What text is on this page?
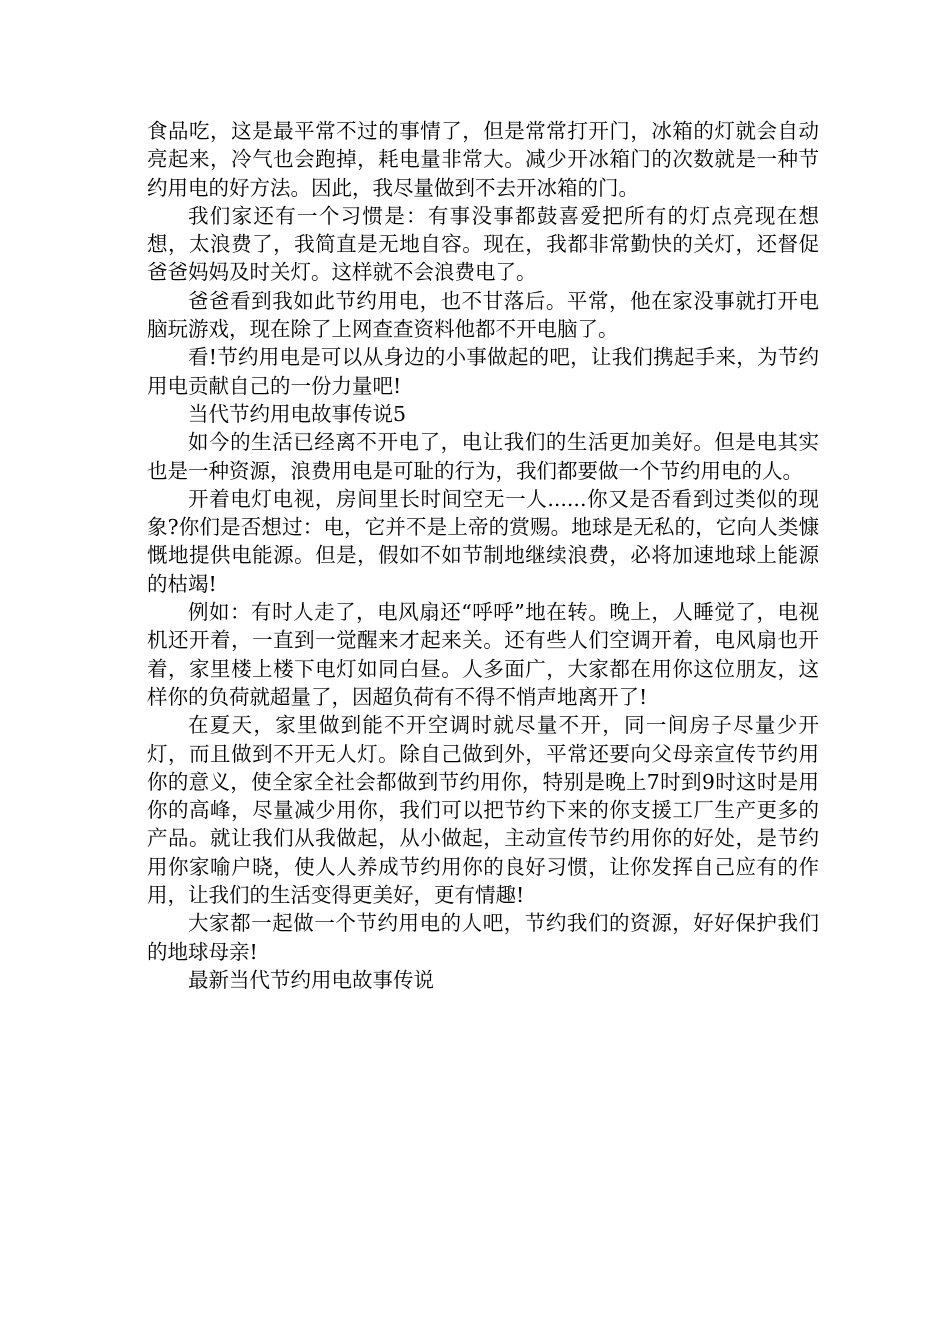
食品吃，这是最平常不过的事情了，但是常常打开门，冰箱的灯就会自动亮起来，冷气也会跑掉，耗电量非常大。减少开冰箱门的次数就是一种节约用电的好方法。因此，我尽量做到不去开冰箱的门。

我们家还有一个习惯是：有事没事都鼓喜爱把所有的灯点亮现在想想，太浪费了，我简直是无地自容。现在，我都非常勤快的关灯，还督促爸爸妈妈及时关灯。这样就不会浪费电了。

爸爸看到我如此节约用电，也不甘落后。平常，他在家没事就打开电脑玩游戏，现在除了上网查查资料他都不开电脑了。

看!节约用电是可以从身边的小事做起的吧，让我们携起手来，为节约用电贡献自己的一份力量吧!

当代节约用电故事传说5

如今的生活已经离不开电了，电让我们的生活更加美好。但是电其实也是一种资源，浪费用电是可耻的行为，我们都要做一个节约用电的人。

开着电灯电视，房间里长时间空无一人......你又是否看到过类似的现象?你们是否想过：电，它并不是上帝的赏赐。地球是无私的，它向人类慷慨地提供电能源。但是，假如不如节制地继续浪费，必将加速地球上能源的枯竭!

例如：有时人走了，电风扇还“呼呼”地在转。晚上，人睡觉了，电视机还开着，一直到一觉醒来才起来关。还有些人们空调开着，电风扇也开着，家里楼上楼下电灯如同白昼。人多面广，大家都在用你这位朋友，这样你的负荷就超量了，因超负荷有不得不悄声地离开了!

在夏天，家里做到能不开空调时就尽量不开，同一间房子尽量少开灯，而且做到不开无人灯。除自己做到外，平常还要向父母亲宣传节约用你的意义，使全家全社会都做到节约用你，特别是晚上7时到9时这时是用你的高峰，尽量减少用你，我们可以把节约下来的你支援工厂生产更多的产品。就让我们从我做起，从小做起，主动宣传节约用你的好处，是节约用你家喻户晓，使人人养成节约用你的良好习惯，让你发挥自己应有的作用，让我们的生活变得更美好，更有情趣!

大家都一起做一个节约用电的人吧，节约我们的资源，好好保护我们的地球母亲!

最新当代节约用电故事传说
